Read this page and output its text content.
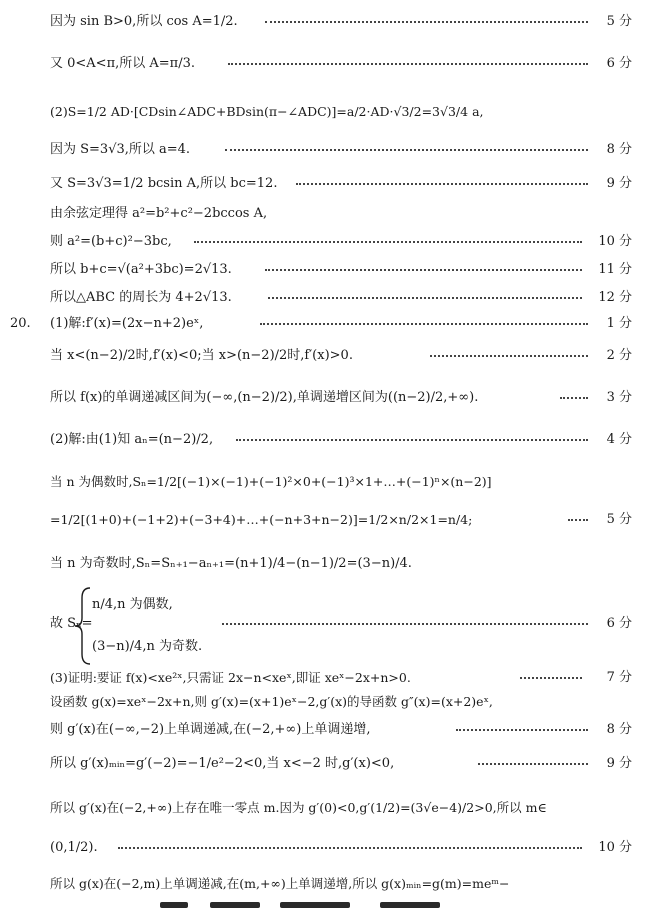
因为 sin B>0,所以 cos A=1/2.	5 分
又 0<A<π,所以 A=π/3.	6 分
(2)S=1/2 AD·[CDsin∠ADC+BDsin(π−∠ADC)]=a/2·AD·√3/2=3√3/4 a,
因为 S=3√3,所以 a=4.	8 分
又 S=3√3=1/2 bcsin A,所以 bc=12.	9 分
由余弦定理得 a²=b²+c²−2bccos A,
则 a²=(b+c)²−3bc,	10 分
所以 b+c=√(a²+3bc)=2√13.	11 分
所以△ABC 的周长为 4+2√13.	12 分
20. (1)解:f′(x)=(2x−n+2)eˣ,	1 分
当 x<(n−2)/2时,f′(x)<0;当 x>(n−2)/2时,f′(x)>0.	2 分
所以 f(x)的单调递减区间为(−∞,(n−2)/2),单调递增区间为((n−2)/2,+∞).	3 分
(2)解:由(1)知 aₙ=(n−2)/2,	4 分
当 n 为偶数时,Sₙ=1/2[(−1)×(−1)+(−1)²×0+(−1)³×1+…+(−1)ⁿ×(n−2)]
=1/2[(1+0)+(−1+2)+(−3+4)+…+(−n+3+n−2)]=1/2×n/2×1=n/4;	5 分
当 n 为奇数时,Sₙ=Sₙ₊₁−aₙ₊₁=(n+1)/4−(n−1)/2=(3−n)/4.
故 Sₙ=	6 分
n/4,n 为偶数,
(3−n)/4,n 为奇数.
(3)证明:要证 f(x)<xe²ˣ,只需证 2x−n<xeˣ,即证 xeˣ−2x+n>0.	7 分
设函数 g(x)=xeˣ−2x+n,则 g′(x)=(x+1)eˣ−2,g′(x)的导函数 g″(x)=(x+2)eˣ,
则 g′(x)在(−∞,−2)上单调递减,在(−2,+∞)上单调递增,	8 分
所以 g′(x)ₘᵢₙ=g′(−2)=−1/e²−2<0,当 x<−2 时,g′(x)<0,	9 分
所以 g′(x)在(−2,+∞)上存在唯一零点 m.因为 g′(0)<0,g′(1/2)=(3√e−4)/2>0,所以 m∈
(0,1/2).	10 分
所以 g(x)在(−2,m)上单调递减,在(m,+∞)上单调递增,所以 g(x)ₘᵢₙ=g(m)=meᵐ−
